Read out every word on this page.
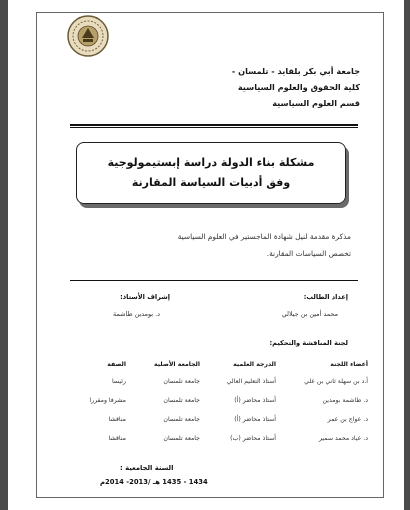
جامعة أبي بكر بلقايد - تلمسان -
كلية الحقوق والعلوم السياسية
قسم العلوم السياسية
مشكلة بناء الدولة دراسة إبستيمولوجية
وفق أدبيات السياسة المقارنة
مذكرة مقدمة لنيل شهادة الماجستير في العلوم السياسية
تخصص السياسات المقارنة.
إعداد الطالب:
محمد أمين بن جيلالي
إشراف الأستاذ:
د. بومدين طاشمة
لجنة المناقشة والتحكيم:
أعضاء اللجنة	الدرجة العلمية	الجامعة الأصلية	الصفة
أ.د بن سهلة ثاني بن علي	أستاذ التعليم العالي	جامعة تلمسان	رئيسا
د. طاشمة بومدين	أستاذ محاضر (أ)	جامعة تلمسان	مشرفا ومقررا
د. عواج بن عمر	أستاذ محاضر (أ)	جامعة تلمسان	مناقشا
د. عياد محمد سمير	أستاذ محاضر (ب)	جامعة تلمسان	مناقشا
السنة الجامعية :
1434 - 1435 هـ /2013- 2014م
